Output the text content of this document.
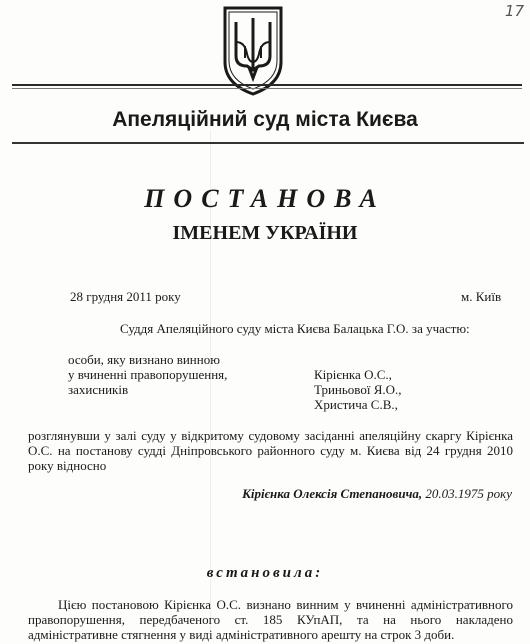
17
Апеляційний суд міста Києва
ПОСТАНОВА
ІМЕНЕМ УКРАЇНИ
28 грудня 2011 року	м. Київ
Суддя Апеляційного суду міста Києва Балацька Г.О. за участю:
особи, яку визнано винною
у вчиненні правопорушення,
захисників
Кірієнка О.С.,
Триньової Я.О.,
Христича С.В.,
розглянувши у залі суду у відкритому судовому засіданні апеляційну скаргу Кірієнка О.С. на постанову судді Дніпровського районного суду м. Києва від 24 грудня 2010 року відносно
Кірієнка Олексія Степановича, 20.03.1975 року
встановила:
Цією постановою Кірієнка О.С. визнано винним у вчиненні адміністративного правопорушення, передбаченого ст. 185 КУпАП, та на нього накладено адміністративне стягнення у виді адміністративного арешту на строк 3 доби.
